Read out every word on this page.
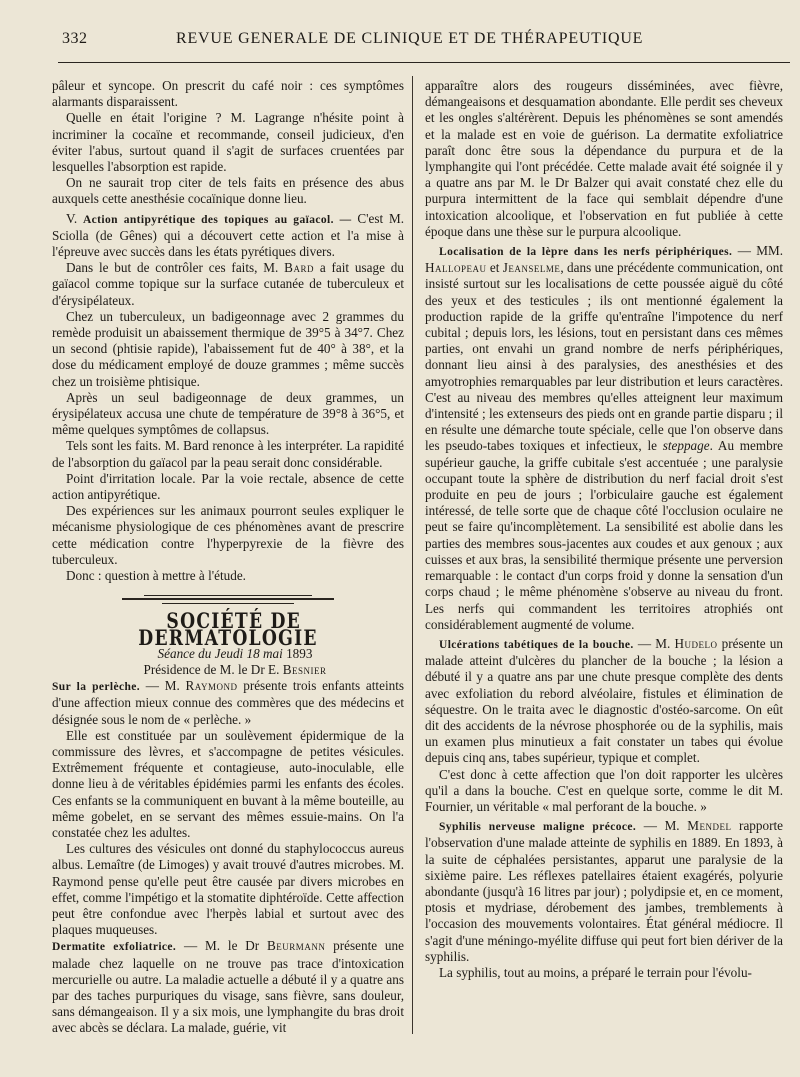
332	REVUE GENERALE DE CLINIQUE ET DE THÉRAPEUTIQUE

pâleur et syncope. On prescrit du café noir : ces symptômes alarmants disparaissent.

Quelle en était l'origine ? M. Lagrange n'hésite point à incriminer la cocaïne et recommande, conseil judicieux, d'en éviter l'abus, surtout quand il s'agit de surfaces cruentées par lesquelles l'absorption est rapide.

On ne saurait trop citer de tels faits en présence des abus auxquels cette anesthésie cocaïnique donne lieu.

V. Action antipyrétique des topiques au gaïacol. — C'est M. Sciolla (de Gênes) qui a découvert cette action et l'a mise à l'épreuve avec succès dans les états pyrétiques divers.

Dans le but de contrôler ces faits, M. Bard a fait usage du gaïacol comme topique sur la surface cutanée de tuberculeux et d'érysipélateux.

Chez un tuberculeux, un badigeonnage avec 2 grammes du remède produisit un abaissement thermique de 39°5 à 34°7. Chez un second (phtisie rapide), l'abaissement fut de 40° à 38°, et la dose du médicament employé de douze grammes ; même succès chez un troisième phtisique.

Après un seul badigeonnage de deux grammes, un érysipélateux accusa une chute de température de 39°8 à 36°5, et même quelques symptômes de collapsus.

Tels sont les faits. M. Bard renonce à les interpréter. La rapidité de l'absorption du gaïacol par la peau serait donc considérable.

Point d'irritation locale. Par la voie rectale, absence de cette action antipyrétique.

Des expériences sur les animaux pourront seules expliquer le mécanisme physiologique de ces phénomènes avant de prescrire cette médication contre l'hyperpyrexie de la fièvre des tuberculeux.

Donc : question à mettre à l'étude.

SOCIÉTÉ DE DERMATOLOGIE

Séance du Jeudi 18 mai 1893

Présidence de M. le Dr E. Besnier

Sur la perlèche. — M. Raymond présente trois enfants atteints d'une affection mieux connue des commères que des médecins et désignée sous le nom de « perlèche. »

Elle est constituée par un soulèvement épidermique de la commissure des lèvres, et s'accompagne de petites vésicules. Extrêmement fréquente et contagieuse, auto-inoculable, elle donne lieu à de véritables épidémies parmi les enfants des écoles. Ces enfants se la communiquent en buvant à la même bouteille, au même gobelet, en se servant des mêmes essuie-mains. On l'a constatée chez les adultes.

Les cultures des vésicules ont donné du staphylococcus aureus albus. Lemaître (de Limoges) y avait trouvé d'autres microbes. M. Raymond pense qu'elle peut être causée par divers microbes en effet, comme l'impétigo et la stomatite diphtéroïde. Cette affection peut être confondue avec l'herpès labial et surtout avec des plaques muqueuses.

Dermatite exfoliatrice. — M. le Dr Beurmann présente une malade chez laquelle on ne trouve pas trace d'intoxication mercurielle ou autre. La maladie actuelle a débuté il y a quatre ans par des taches purpuriques du visage, sans fièvre, sans douleur, sans démangeaison. Il y a six mois, une lymphangite du bras droit avec abcès se déclara. La malade, guérie, vit

apparaître alors des rougeurs disséminées, avec fièvre, démangeaisons et desquamation abondante. Elle perdit ses cheveux et les ongles s'altérèrent. Depuis les phénomènes se sont amendés et la malade est en voie de guérison. La dermatite exfoliatrice paraît donc être sous la dépendance du purpura et de la lymphangite qui l'ont précédée. Cette malade avait été soignée il y a quatre ans par M. le Dr Balzer qui avait constaté chez elle du purpura intermittent de la face qui semblait dépendre d'une intoxication alcoolique, et l'observation en fut publiée à cette époque dans une thèse sur le purpura alcoolique.

Localisation de la lèpre dans les nerfs périphériques. — MM. Hallopeau et Jeanselme, dans une précédente communication, ont insisté surtout sur les localisations de cette poussée aiguë du côté des yeux et des testicules ; ils ont mentionné également la production rapide de la griffe qu'entraîne l'impotence du nerf cubital ; depuis lors, les lésions, tout en persistant dans ces mêmes parties, ont envahi un grand nombre de nerfs périphériques, donnant lieu ainsi à des paralysies, des anesthésies et des amyotrophies remarquables par leur distribution et leurs caractères. C'est au niveau des membres qu'elles atteignent leur maximum d'intensité ; les extenseurs des pieds ont en grande partie disparu ; il en résulte une démarche toute spéciale, celle que l'on observe dans les pseudo-tabes toxiques et infectieux, le steppage. Au membre supérieur gauche, la griffe cubitale s'est accentuée ; une paralysie occupant toute la sphère de distribution du nerf facial droit s'est produite en peu de jours ; l'orbiculaire gauche est également intéressé, de telle sorte que de chaque côté l'occlusion oculaire ne peut se faire qu'incomplètement. La sensibilité est abolie dans les parties des membres sous-jacentes aux coudes et aux genoux ; aux cuisses et aux bras, la sensibilité thermique présente une perversion remarquable : le contact d'un corps froid y donne la sensation d'un corps chaud ; le même phénomène s'observe au niveau du front. Les nerfs qui commandent les territoires atrophiés ont considérablement augmenté de volume.

Ulcérations tabétiques de la bouche. — M. Hudelo présente un malade atteint d'ulcères du plancher de la bouche ; la lésion a débuté il y a quatre ans par une chute presque complète des dents avec exfoliation du rebord alvéolaire, fistules et élimination de séquestre. On le traita avec le diagnostic d'ostéo-sarcome. On eût dit des accidents de la névrose phosphorée ou de la syphilis, mais un examen plus minutieux a fait constater un tabes qui évolue depuis cinq ans, tabes supérieur, typique et complet.

C'est donc à cette affection que l'on doit rapporter les ulcères qu'il a dans la bouche. C'est en quelque sorte, comme le dit M. Fournier, un véritable « mal perforant de la bouche. »

Syphilis nerveuse maligne précoce. — M. Mendel rapporte l'observation d'une malade atteinte de syphilis en 1889. En 1893, à la suite de céphalées persistantes, apparut une paralysie de la sixième paire. Les réflexes patellaires étaient exagérés, polyurie abondante (jusqu'à 16 litres par jour) ; polydipsie et, en ce moment, ptosis et mydriase, dérobement des jambes, tremblements à l'occasion des mouvements volontaires. État général médiocre. Il s'agit d'une méningo-myélite diffuse qui peut fort bien dériver de la syphilis.

La syphilis, tout au moins, a préparé le terrain pour l'évolu-
